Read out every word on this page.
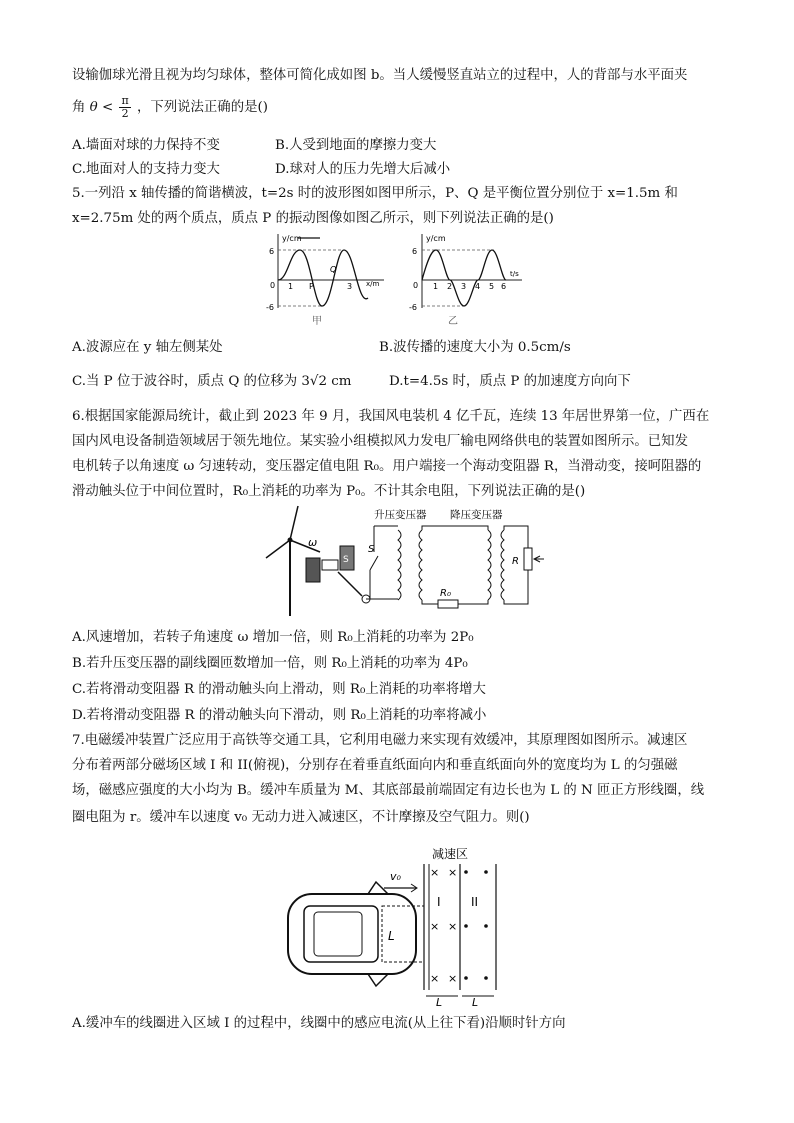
设输伽球光滑且视为均匀球体，整体可简化成如图 b。当人缓慢竖直站立的过程中，人的背部与水平面夹
角 $\theta < \frac{\pi}{2}$ ，下列说法正确的是()
A.墙面对球的力保持不变	B.人受到地面的摩擦力变大
C.地面对人的支持力变大	D.球对人的压力先增大后减小
5.一列沿 x 轴传播的简谐横波，t=2s 时的波形图如图甲所示，P、Q 是平衡位置分别位于 x=1.5m 和
x=2.75m 处的两个质点，质点 P 的振动图像如图乙所示，则下列说法正确的是()
y/cm
6
-6
0 1	3 x/m
P
Q
甲
y/cm
6
-6
0 1 2 3 4 5 6
t/s
乙
A.波源应在 y 轴左侧某处	B.波传播的速度大小为 0.5cm/s
C.当 P 位于波谷时，质点 Q 的位移为 3√2 cm	D.t=4.5s 时，质点 P 的加速度方向向下
6.根据国家能源局统计，截止到 2023 年 9 月，我国风电装机 4 亿千瓦，连续 13 年居世界第一位，广西在
国内风电设备制造领域居于领先地位。某实验小组模拟风力发电厂输电网络供电的装置如图所示。已知发
电机转子以角速度 ω 匀速转动，变压器定值电阻 R₀。用户端接一个海动变阻器 R，当滑动变，接呵阻器的
滑动触头位于中间位置时，R₀上消耗的功率为 P₀。不计其余电阻，下列说法正确的是()
ω
S
S
升压变压器
R₀
降压变压器
R
A.风速增加，若转子角速度 ω 增加一倍，则 R₀上消耗的功率为 2P₀
B.若升压变压器的副线圈匝数增加一倍，则 R₀上消耗的功率为 4P₀
C.若将滑动变阻器 R 的滑动触头向上滑动，则 R₀上消耗的功率将增大
D.若将滑动变阻器 R 的滑动触头向下滑动，则 R₀上消耗的功率将减小
7.电磁缓冲装置广泛应用于高铁等交通工具，它利用电磁力来实现有效缓冲，其原理图如图所示。减速区
分布着两部分磁场区域 I 和 II(俯视)，分别存在着垂直纸面向内和垂直纸面向外的宽度均为 L 的匀强磁
场，磁感应强度的大小均为 B。缓冲车质量为 M、其底部最前端固定有边长也为 L 的 N 匝正方形线圈，线
圈电阻为 r。缓冲车以速度 v₀ 无动力进入减速区，不计摩擦及空气阻力。则()
减速区
v₀
L
× ×
× ×
× ×
I	II
L	L
A.缓冲车的线圈进入区域 I 的过程中，线圈中的感应电流(从上往下看)沿顺时针方向
